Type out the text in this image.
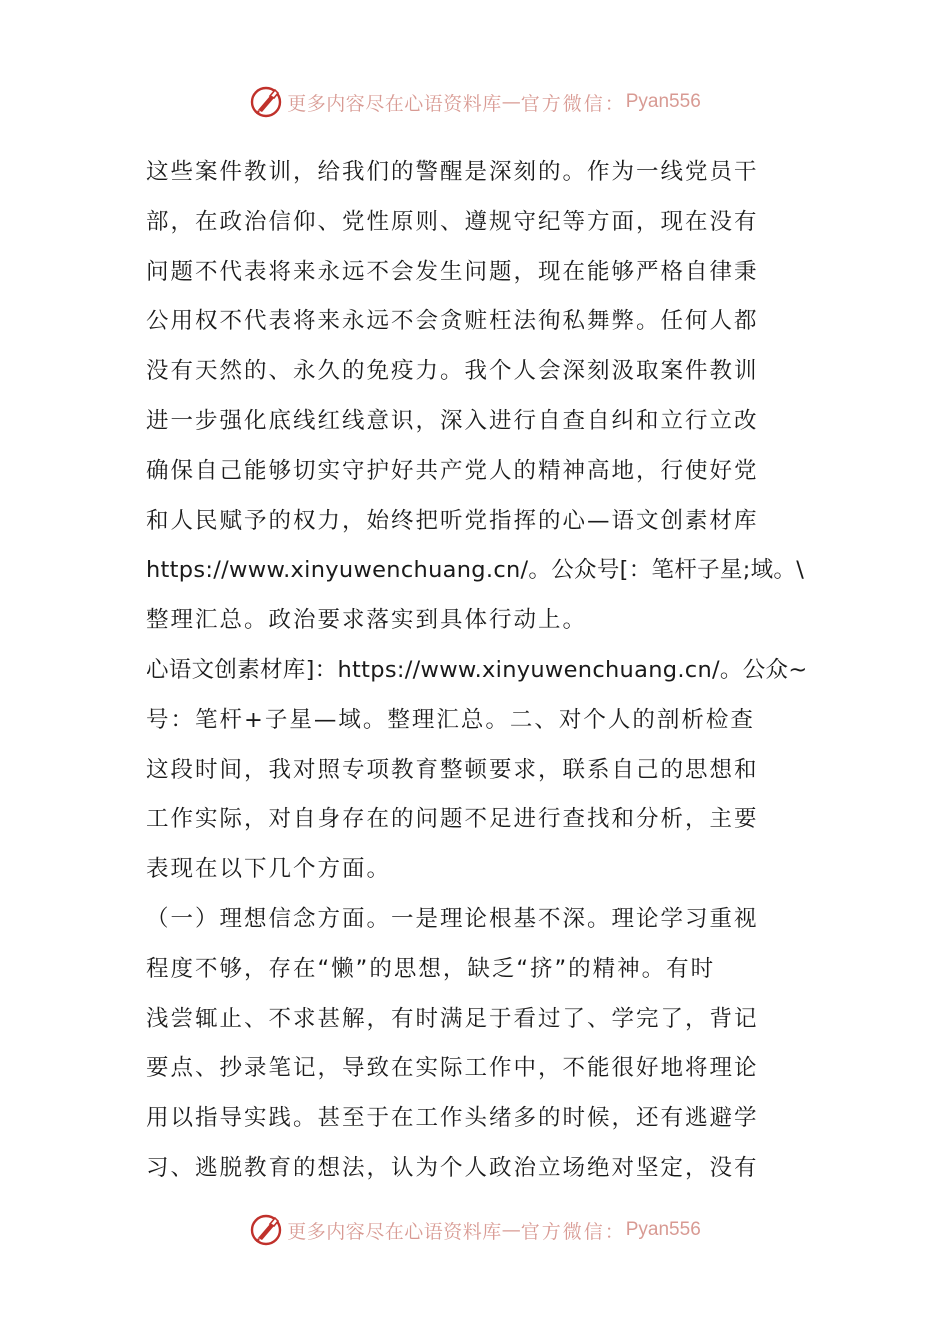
更多内容尽在心语资料库 — 官方微信： Pyan556
这些案件教训，给我们的警醒是深刻的。作为一线党员干
部，在政治信仰、党性原则、遵规守纪等方面，现在没有
问题不代表将来永远不会发生问题，现在能够严格自律秉
公用权不代表将来永远不会贪赃枉法徇私舞弊。任何人都
没有天然的、永久的免疫力。我个人会深刻汲取案件教训
进一步强化底线红线意识，深入进行自查自纠和立行立改
确保自己能够切实守护好共产党人的精神高地，行使好党
和人民赋予的权力，始终把听党指挥的心—语文创素材库
https://www.xinyuwenchuang.cn/。公众号[：笔杆子星;域。\
整理汇总。政治要求落实到具体行动上。
心语文创素材库]：https://www.xinyuwenchuang.cn/。公众~
号：笔杆+子星—域。整理汇总。二、对个人的剖析检查
这段时间，我对照专项教育整顿要求，联系自己的思想和
工作实际，对自身存在的问题不足进行查找和分析，主要
表现在以下几个方面。
（一）理想信念方面。一是理论根基不深。理论学习重视
程度不够，存在“懒”的思想，缺乏“挤”的精神。有时
浅尝辄止、不求甚解，有时满足于看过了、学完了，背记
要点、抄录笔记，导致在实际工作中，不能很好地将理论
用以指导实践。甚至于在工作头绪多的时候，还有逃避学
习、逃脱教育的想法，认为个人政治立场绝对坚定，没有
更多内容尽在心语资料库 — 官方微信： Pyan556
